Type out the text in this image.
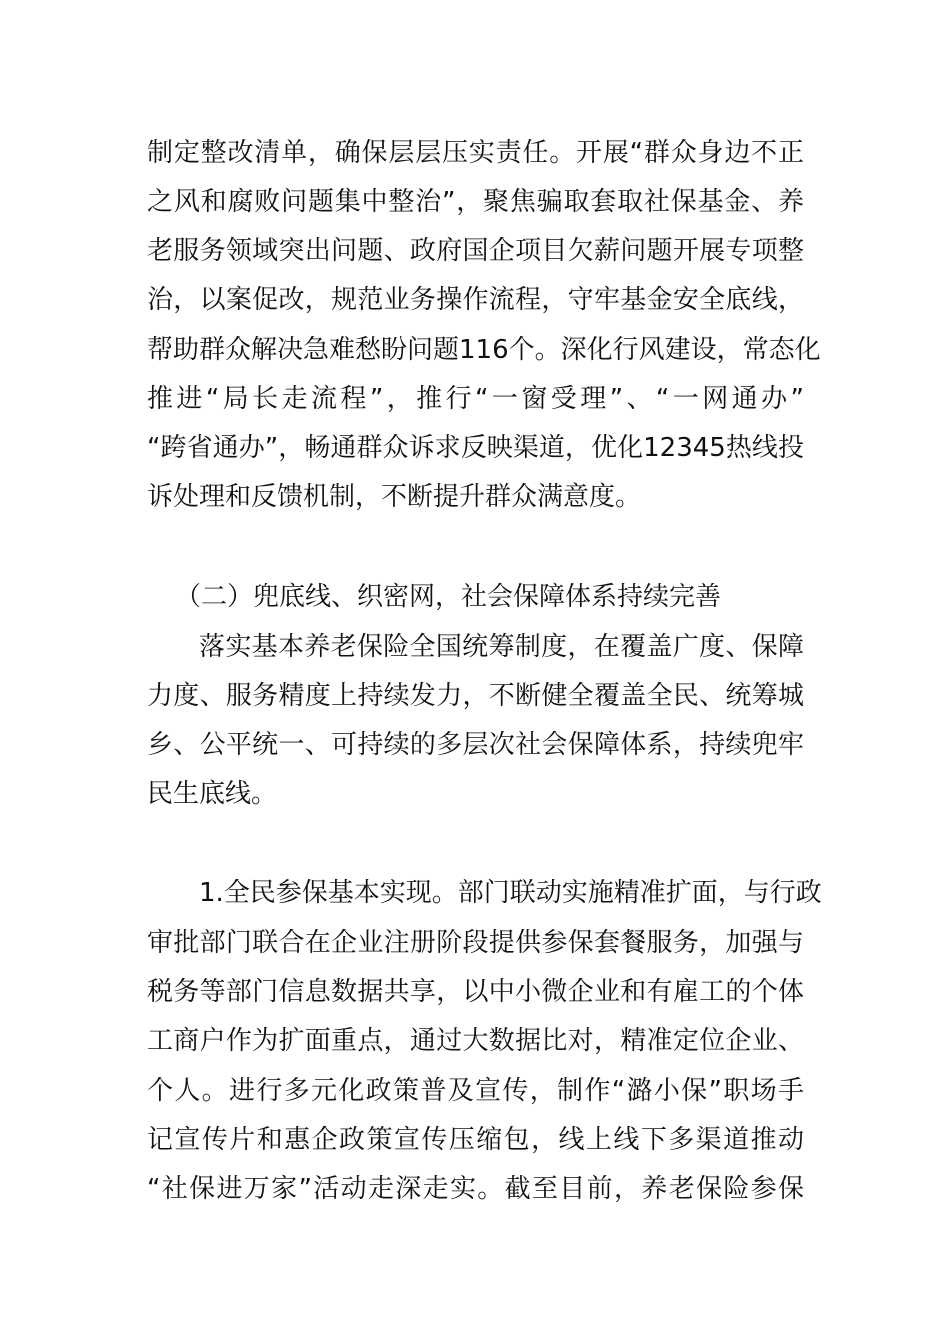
制定整改清单，确保层层压实责任。开展“群众身边不正
之风和腐败问题集中整治”，聚焦骗取套取社保基金、养
老服务领域突出问题、政府国企项目欠薪问题开展专项整
治，以案促改，规范业务操作流程，守牢基金安全底线，
帮助群众解决急难愁盼问题116个。深化行风建设，常态化
推进“局长走流程”，推行“一窗受理”、“一网通办”
“跨省通办”，畅通群众诉求反映渠道，优化12345热线投
诉处理和反馈机制，不断提升群众满意度。
（二）兜底线、织密网，社会保障体系持续完善
落实基本养老保险全国统筹制度，在覆盖广度、保障
力度、服务精度上持续发力，不断健全覆盖全民、统筹城
乡、公平统一、可持续的多层次社会保障体系，持续兜牢
民生底线。
1.全民参保基本实现。部门联动实施精准扩面，与行政
审批部门联合在企业注册阶段提供参保套餐服务，加强与
税务等部门信息数据共享，以中小微企业和有雇工的个体
工商户作为扩面重点，通过大数据比对，精准定位企业、
个人。进行多元化政策普及宣传，制作“潞小保”职场手
记宣传片和惠企政策宣传压缩包，线上线下多渠道推动
“社保进万家”活动走深走实。截至目前，养老保险参保
